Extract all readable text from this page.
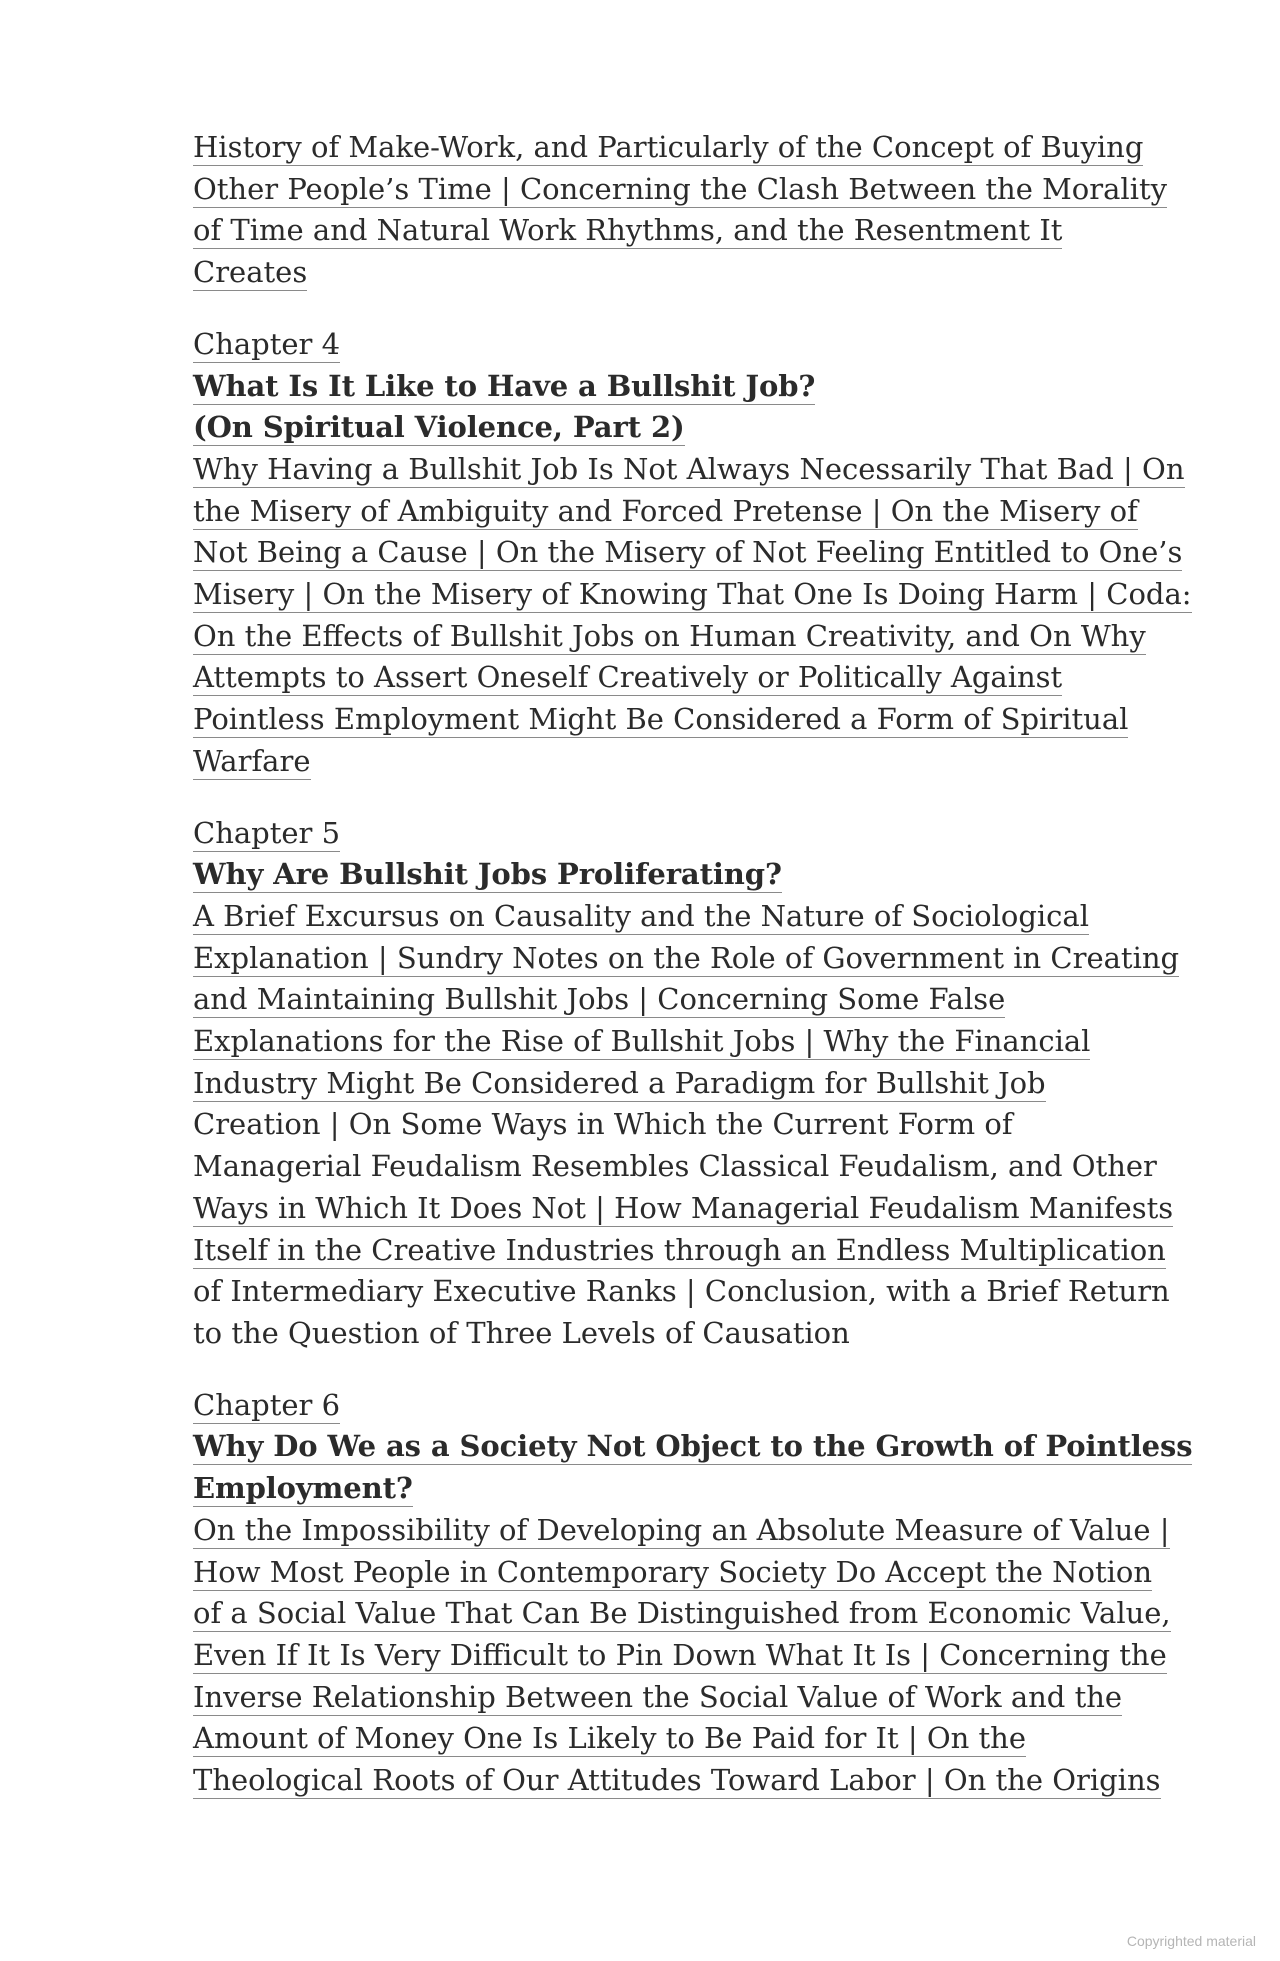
History of Make-Work, and Particularly of the Concept of Buying
Other People’s Time | Concerning the Clash Between the Morality
of Time and Natural Work Rhythms, and the Resentment It
Creates
Chapter 4
What Is It Like to Have a Bullshit Job?
(On Spiritual Violence, Part 2)
Why Having a Bullshit Job Is Not Always Necessarily That Bad | On
the Misery of Ambiguity and Forced Pretense | On the Misery of
Not Being a Cause | On the Misery of Not Feeling Entitled to One’s
Misery | On the Misery of Knowing That One Is Doing Harm | Coda:
On the Effects of Bullshit Jobs on Human Creativity, and On Why
Attempts to Assert Oneself Creatively or Politically Against
Pointless Employment Might Be Considered a Form of Spiritual
Warfare
Chapter 5
Why Are Bullshit Jobs Proliferating?
A Brief Excursus on Causality and the Nature of Sociological
Explanation | Sundry Notes on the Role of Government in Creating
and Maintaining Bullshit Jobs | Concerning Some False
Explanations for the Rise of Bullshit Jobs | Why the Financial
Industry Might Be Considered a Paradigm for Bullshit Job
Creation | On Some Ways in Which the Current Form of
Managerial Feudalism Resembles Classical Feudalism, and Other
Ways in Which It Does Not | How Managerial Feudalism Manifests
Itself in the Creative Industries through an Endless Multiplication
of Intermediary Executive Ranks | Conclusion, with a Brief Return
to the Question of Three Levels of Causation
Chapter 6
Why Do We as a Society Not Object to the Growth of Pointless
Employment?
On the Impossibility of Developing an Absolute Measure of Value |
How Most People in Contemporary Society Do Accept the Notion
of a Social Value That Can Be Distinguished from Economic Value,
Even If It Is Very Difficult to Pin Down What It Is | Concerning the
Inverse Relationship Between the Social Value of Work and the
Amount of Money One Is Likely to Be Paid for It | On the
Theological Roots of Our Attitudes Toward Labor | On the Origins
Copyrighted material
